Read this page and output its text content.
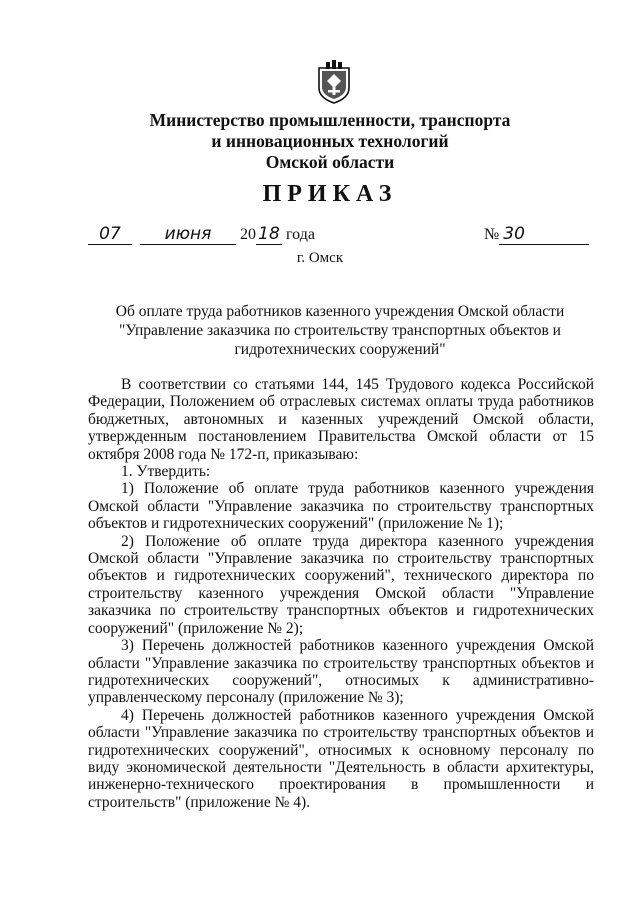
Министерство промышленности, транспорта
и инновационных технологий
Омской области
ПРИКАЗ
07	июня 20 18 года	№ 30
г. Омск
Об оплате труда работников казенного учреждения Омской области
"Управление заказчика по строительству транспортных объектов и
гидротехнических сооружений"

В соответствии со статьями 144, 145 Трудового кодекса Российской Федерации, Положением об отраслевых системах оплаты труда работников бюджетных, автономных и казенных учреждений Омской области, утвержденным постановлением Правительства Омской области от 15 октября 2008 года № 172-п, приказываю:

1. Утвердить:

1) Положение об оплате труда работников казенного учреждения Омской области "Управление заказчика по строительству транспортных объектов и гидротехнических сооружений" (приложение № 1);

2) Положение об оплате труда директора казенного учреждения Омской области "Управление заказчика по строительству транспортных объектов и гидротехнических сооружений", технического директора по строительству казенного учреждения Омской области "Управление заказчика по строительству транспортных объектов и гидротехнических сооружений" (приложение № 2);

3) Перечень должностей работников казенного учреждения Омской области "Управление заказчика по строительству транспортных объектов и гидротехнических сооружений", относимых к административно-управленческому персоналу (приложение № 3);

4) Перечень должностей работников казенного учреждения Омской области "Управление заказчика по строительству транспортных объектов и гидротехнических сооружений", относимых к основному персоналу по виду экономической деятельности "Деятельность в области архитектуры, инженерно-технического проектирования в промышленности и строительств" (приложение № 4).
